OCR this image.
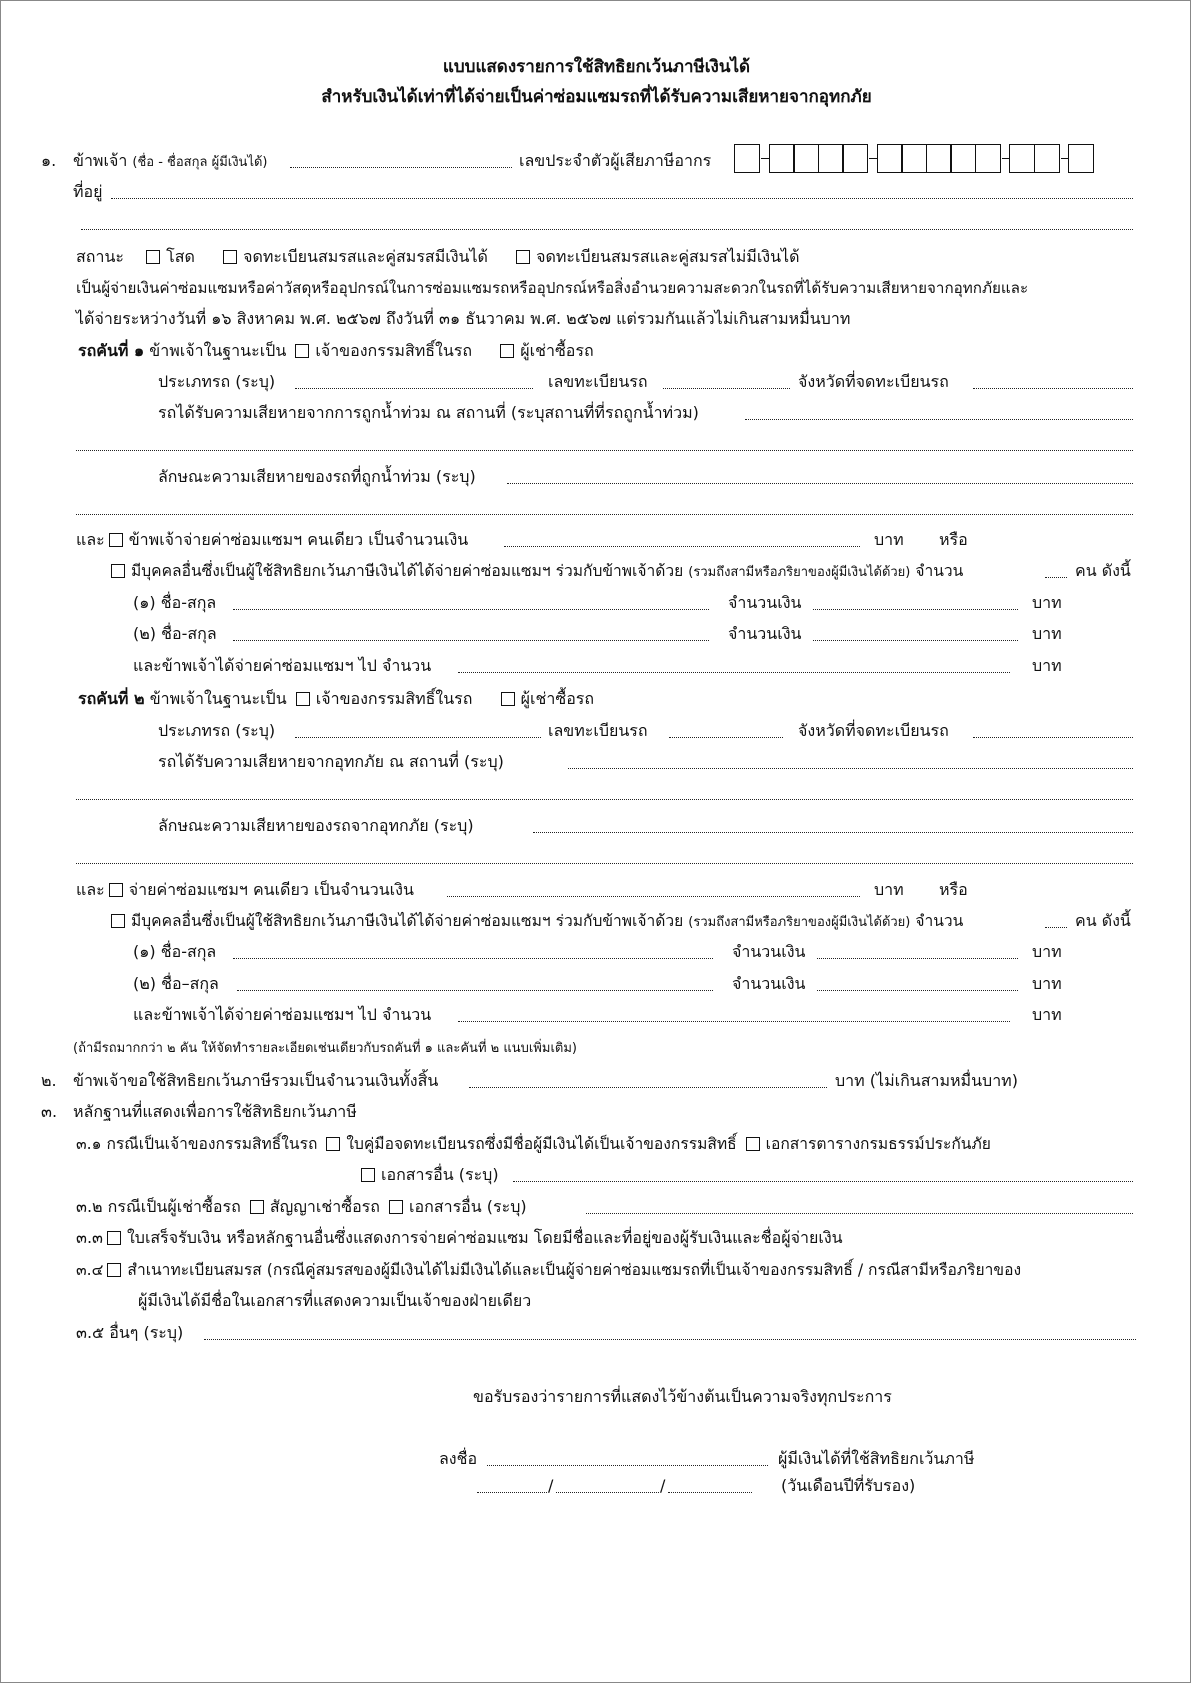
แบบแสดงรายการใช้สิทธิยกเว้นภาษีเงินได้
สำหรับเงินได้เท่าที่ได้จ่ายเป็นค่าซ่อมแซมรถที่ได้รับความเสียหายจากอุทกภัย
๑. ข้าพเจ้า (ชื่อ - ชื่อสกุล ผู้มีเงินได้)	เลขประจำตัวผู้เสียภาษีอากร
ที่อยู่
สถานะ	โสด	จดทะเบียนสมรสและคู่สมรสมีเงินได้	จดทะเบียนสมรสและคู่สมรสไม่มีเงินได้
เป็นผู้จ่ายเงินค่าซ่อมแซมหรือค่าวัสดุหรืออุปกรณ์ในการซ่อมแซมรถหรืออุปกรณ์หรือสิ่งอำนวยความสะดวกในรถที่ได้รับความเสียหายจากอุทกภัยและ
ได้จ่ายระหว่างวันที่ ๑๖ สิงหาคม พ.ศ. ๒๕๖๗ ถึงวันที่ ๓๑ ธันวาคม พ.ศ. ๒๕๖๗ แต่รวมกันแล้วไม่เกินสามหมื่นบาท
รถคันที่ ๑ ข้าพเจ้าในฐานะเป็น เจ้าของกรรมสิทธิ์ในรถ	ผู้เช่าซื้อรถ
ประเภทรถ (ระบุ)	เลขทะเบียนรถ	จังหวัดที่จดทะเบียนรถ
รถได้รับความเสียหายจากการถูกน้ำท่วม ณ สถานที่ (ระบุสถานที่ที่รถถูกน้ำท่วม)
ลักษณะความเสียหายของรถที่ถูกน้ำท่วม (ระบุ)
และ ข้าพเจ้าจ่ายค่าซ่อมแซมฯ คนเดียว เป็นจำนวนเงิน	บาท หรือ
มีบุคคลอื่นซึ่งเป็นผู้ใช้สิทธิยกเว้นภาษีเงินได้ได้จ่ายค่าซ่อมแซมฯ ร่วมกับข้าพเจ้าด้วย (รวมถึงสามีหรือภริยาของผู้มีเงินได้ด้วย) จำนวน	คน ดังนี้
(๑) ชื่อ-สกุล	จำนวนเงิน	บาท
(๒) ชื่อ-สกุล	จำนวนเงิน	บาท
และข้าพเจ้าได้จ่ายค่าซ่อมแซมฯ ไป จำนวน	บาท
รถคันที่ ๒ ข้าพเจ้าในฐานะเป็น เจ้าของกรรมสิทธิ์ในรถ	ผู้เช่าซื้อรถ
ประเภทรถ (ระบุ)	เลขทะเบียนรถ	จังหวัดที่จดทะเบียนรถ
รถได้รับความเสียหายจากอุทกภัย ณ สถานที่ (ระบุ)
ลักษณะความเสียหายของรถจากอุทกภัย (ระบุ)
และ จ่ายค่าซ่อมแซมฯ คนเดียว เป็นจำนวนเงิน	บาท หรือ
มีบุคคลอื่นซึ่งเป็นผู้ใช้สิทธิยกเว้นภาษีเงินได้ได้จ่ายค่าซ่อมแซมฯ ร่วมกับข้าพเจ้าด้วย (รวมถึงสามีหรือภริยาของผู้มีเงินได้ด้วย) จำนวน	คน ดังนี้
(๑) ชื่อ-สกุล	จำนวนเงิน	บาท
(๒) ชื่อ–สกุล	จำนวนเงิน	บาท
และข้าพเจ้าได้จ่ายค่าซ่อมแซมฯ ไป จำนวน	บาท
(ถ้ามีรถมากกว่า ๒ คัน ให้จัดทำรายละเอียดเช่นเดียวกับรถคันที่ ๑ และคันที่ ๒ แนบเพิ่มเติม)
๒. ข้าพเจ้าขอใช้สิทธิยกเว้นภาษีรวมเป็นจำนวนเงินทั้งสิ้น	บาท (ไม่เกินสามหมื่นบาท)
๓. หลักฐานที่แสดงเพื่อการใช้สิทธิยกเว้นภาษี
๓.๑ กรณีเป็นเจ้าของกรรมสิทธิ์ในรถ ใบคู่มือจดทะเบียนรถซึ่งมีชื่อผู้มีเงินได้เป็นเจ้าของกรรมสิทธิ์ เอกสารตารางกรมธรรม์ประกันภัย
เอกสารอื่น (ระบุ)
๓.๒ กรณีเป็นผู้เช่าซื้อรถ สัญญาเช่าซื้อรถ เอกสารอื่น (ระบุ)
๓.๓ ใบเสร็จรับเงิน หรือหลักฐานอื่นซึ่งแสดงการจ่ายค่าซ่อมแซม โดยมีชื่อและที่อยู่ของผู้รับเงินและชื่อผู้จ่ายเงิน
๓.๔ สำเนาทะเบียนสมรส (กรณีคู่สมรสของผู้มีเงินได้ไม่มีเงินได้และเป็นผู้จ่ายค่าซ่อมแซมรถที่เป็นเจ้าของกรรมสิทธิ์ / กรณีสามีหรือภริยาของ
ผู้มีเงินได้มีชื่อในเอกสารที่แสดงความเป็นเจ้าของฝ่ายเดียว
๓.๕ อื่นๆ (ระบุ)
ขอรับรองว่ารายการที่แสดงไว้ข้างต้นเป็นความจริงทุกประการ
ลงชื่อ	ผู้มีเงินได้ที่ใช้สิทธิยกเว้นภาษี
/	/	(วันเดือนปีที่รับรอง)
